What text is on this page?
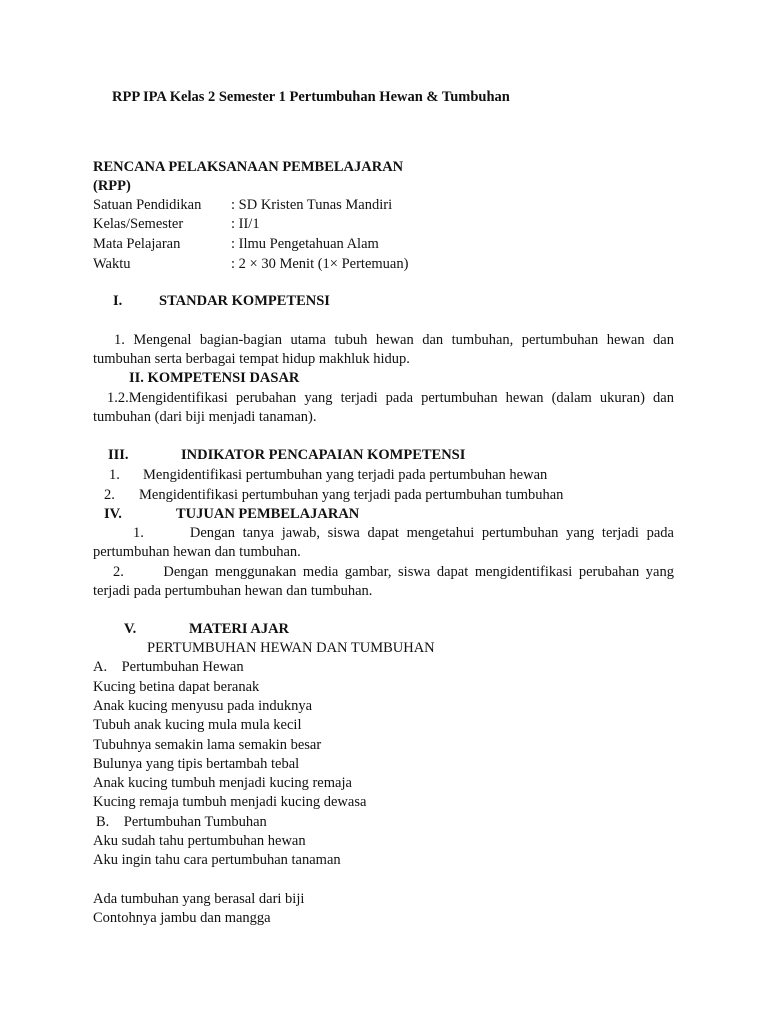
RPP IPA Kelas 2 Semester 1 Pertumbuhan Hewan & Tumbuhan
RENCANA PELAKSANAAN PEMBELAJARAN
(RPP)
Satuan Pendidikan : SD Kristen Tunas Mandiri
Kelas/Semester	: II/1
Mata Pelajaran	: Ilmu Pengetahuan Alam
Waktu	: 2 × 30 Menit (1× Pertemuan)
I.	STANDAR KOMPETENSI
1. Mengenal bagian-bagian utama tubuh hewan dan tumbuhan, pertumbuhan hewan dan
tumbuhan serta berbagai tempat hidup makhluk hidup.
II. KOMPETENSI DASAR
1.2.Mengidentifikasi perubahan yang terjadi pada pertumbuhan hewan (dalam ukuran) dan
tumbuhan (dari biji menjadi tanaman).
III.	INDIKATOR PENCAPAIAN KOMPETENSI
1. Mengidentifikasi pertumbuhan yang terjadi pada pertumbuhan hewan
2. Mengidentifikasi pertumbuhan yang terjadi pada pertumbuhan tumbuhan
IV.	TUJUAN PEMBELAJARAN
1.      Dengan tanya jawab, siswa dapat mengetahui pertumbuhan yang terjadi pada
pertumbuhan hewan dan tumbuhan.
2.      Dengan menggunakan media gambar, siswa dapat mengidentifikasi perubahan yang
terjadi pada pertumbuhan hewan dan tumbuhan.
V.	MATERI AJAR
PERTUMBUHAN HEWAN DAN TUMBUHAN
A.    Pertumbuhan Hewan
Kucing betina dapat beranak
Anak kucing menyusu pada induknya
Tubuh anak kucing mula mula kecil
Tubuhnya semakin lama semakin besar
Bulunya yang tipis bertambah tebal
Anak kucing tumbuh menjadi kucing remaja
Kucing remaja tumbuh menjadi kucing dewasa
B.    Pertumbuhan Tumbuhan
Aku sudah tahu pertumbuhan hewan
Aku ingin tahu cara pertumbuhan tanaman
Ada tumbuhan yang berasal dari biji
Contohnya jambu dan mangga
